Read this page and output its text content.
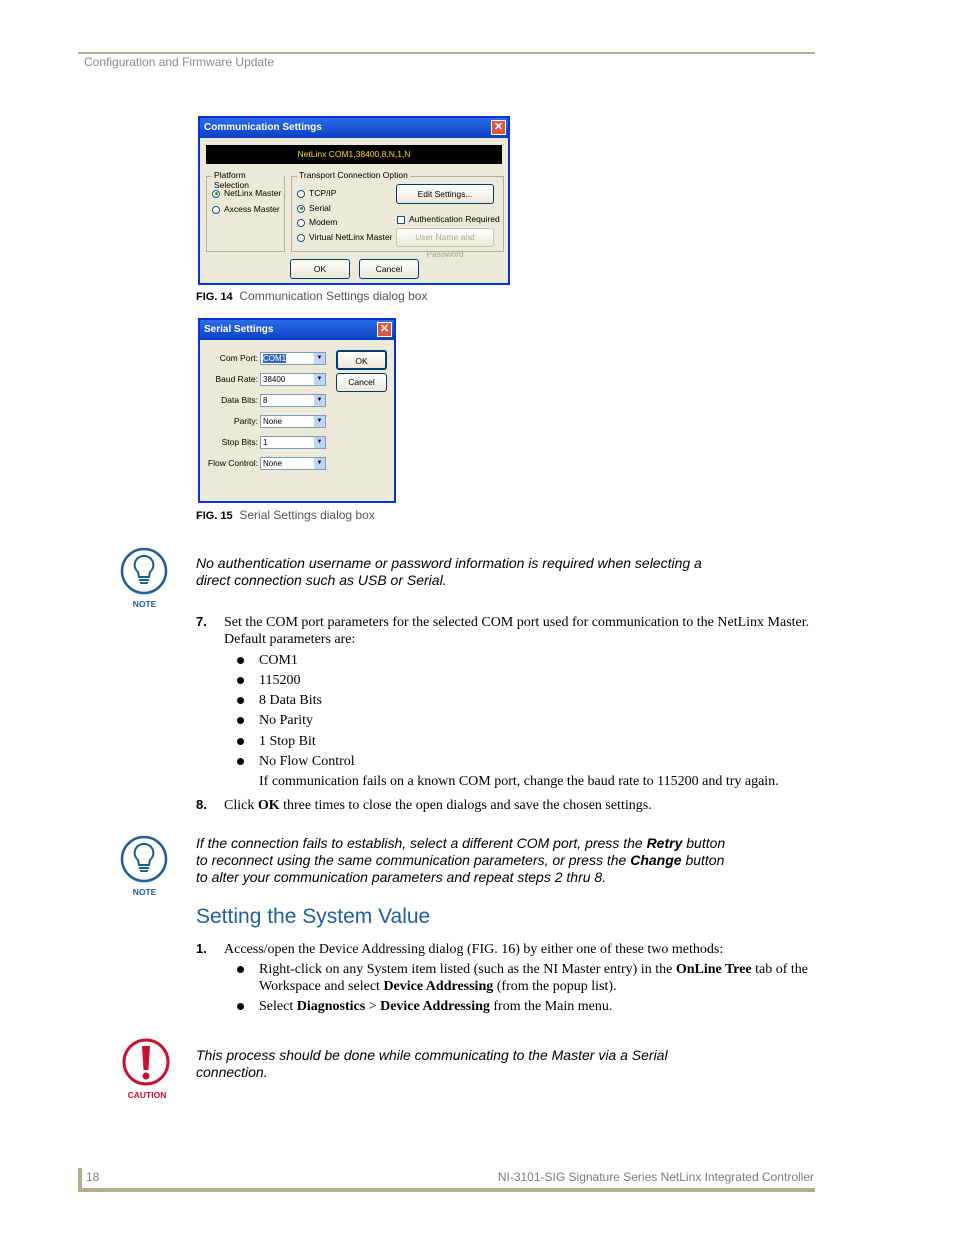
Configuration and Firmware Update
Communication Settings	✕
NetLinx COM1,38400,8,N,1,N
Platform Selection
NetLinx Master
Axcess Master
Transport Connection Option
TCP/IP
Serial
Modem
Virtual NetLinx Master
Edit Settings...
Authentication Required
User Name and Password
OK	Cancel
FIG. 14 Communication Settings dialog box
Serial Settings	✕
Com Port: COM1	▼
Baud Rate: 38400	▼
Data Bits: 8	▼
Parity: None	▼
Stop Bits: 1	▼
Flow Control: None	▼
OK
Cancel
FIG. 15 Serial Settings dialog box
NOTE
No authentication username or password information is required when selecting a
direct connection such as USB or Serial.
7. Set the COM port parameters for the selected COM port used for communication to the NetLinx Master.
Default parameters are:
COM1
115200
8 Data Bits
No Parity
1 Stop Bit
No Flow Control
If communication fails on a known COM port, change the baud rate to 115200 and try again.
8. Click OK three times to close the open dialogs and save the chosen settings.
NOTE
If the connection fails to establish, select a different COM port, press the Retry button
to reconnect using the same communication parameters, or press the Change button
to alter your communication parameters and repeat steps 2 thru 8.
Setting the System Value
1. Access/open the Device Addressing dialog (FIG. 16) by either one of these two methods:
Right-click on any System item listed (such as the NI Master entry) in the OnLine Tree tab of the
Workspace and select Device Addressing (from the popup list).
Select Diagnostics > Device Addressing from the Main menu.
CAUTION
This process should be done while communicating to the Master via a Serial
connection.
18	NI-3101-SIG Signature Series NetLinx Integrated Controller
